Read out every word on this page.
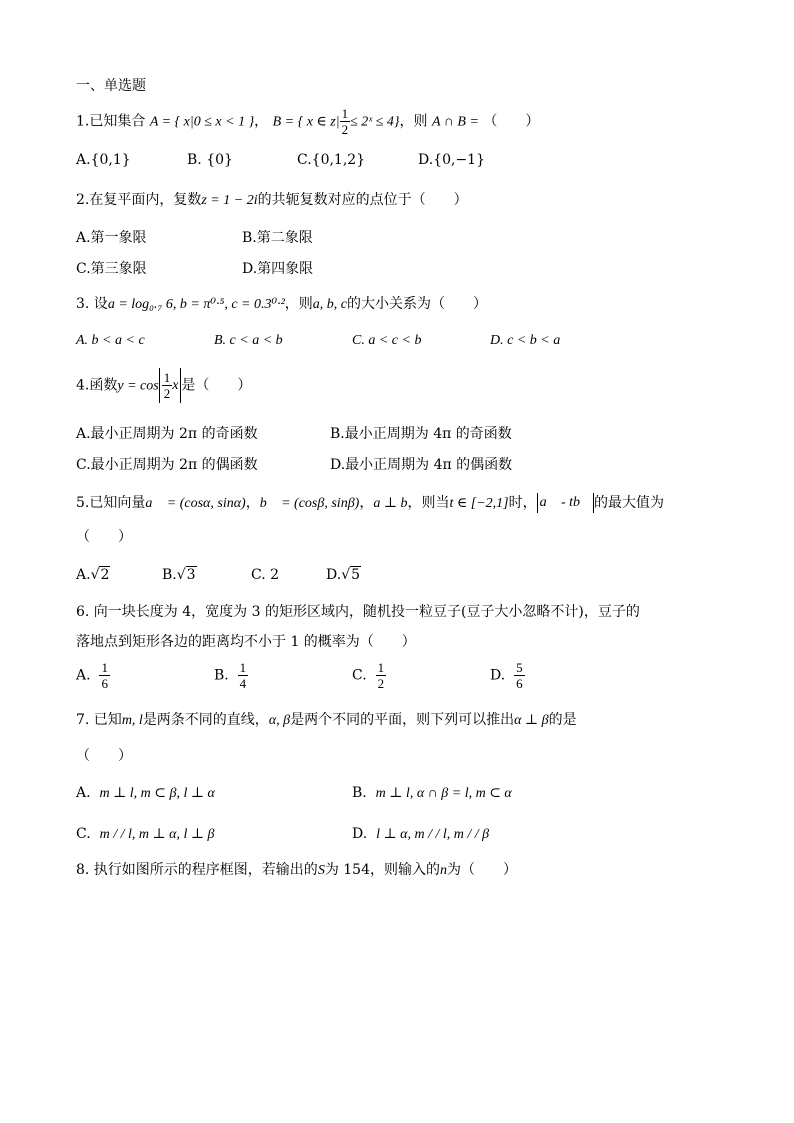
一、单选题
1.已知集合 A = { x|0 ≤ x < 1 }， B = { x ∈ $z| \frac{1}{2}$ ≤ 2ˣ ≤ 4}，则 A ∩ B = （　　）
A.{0,1}	B. {0}	C.{0,1,2}	D.{0,−1}
2.在复平面内，复数z = 1 − 2i的共轭复数对应的点位于（　　）
A.第一象限	B.第二象限
C.第三象限	D.第四象限
3. 设a = log₀.₇ 6, b = π⁰·⁵, c = 0.3⁰·²，则a, b, c的大小关系为（　　）
A. b < a < c	B. c < a < b	C. a < c < b	D. c < b < a
4.函数$y = \cos \frac{1}{2}$ x 是（　　）
A.最小正周期为 2π 的奇函数	B.最小正周期为 4π 的奇函数
C.最小正周期为 2π 的偶函数	D.最小正周期为 4π 的偶函数
5.已知向量a⃗ = (cosα, sinα)，b⃗ = (cosβ, sinβ)，a ⊥ b，则当t ∈ [−2,1]时， a⃗ - tb⃗ 的最大值为
（　　）
A.√2	B.√3	C. 2	D.√5
6. 向一块长度为 4，宽度为 3 的矩形区域内，随机投一粒豆子(豆子大小忽略不计)，豆子的
落地点到矩形各边的距离均不小于 1 的概率为（　　）
A. $\frac{1}{6}$	B. $\frac{1}{4}$	C. $\frac{1}{2}$	D. $\frac{5}{6}$
7. 已知m, l是两条不同的直线，α, β是两个不同的平面，则下列可以推出α ⊥ β的是
（　　）
A. m ⊥ l, m ⊂ β, l ⊥ α	B. m ⊥ l, α ∩ β = l, m ⊂ α
C. m / / l, m ⊥ α, l ⊥ β	D. l ⊥ α, m / / l, m / / β
8. 执行如图所示的程序框图，若输出的S为 154，则输入的n为（　　）
